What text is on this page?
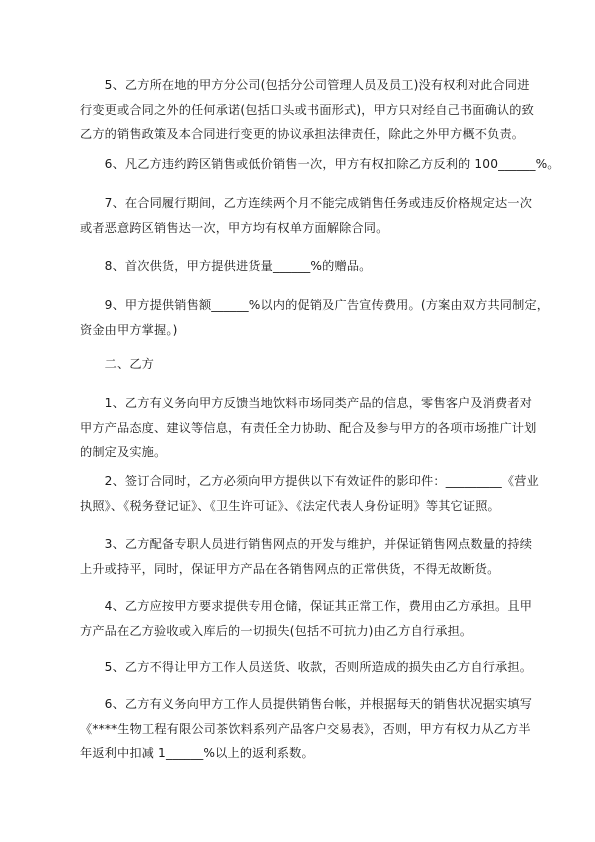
　　5、乙方所在地的甲方分公司(包括分公司管理人员及员工)没有权利对此合同进
行变更或合同之外的任何承诺(包括口头或书面形式)，甲方只对经自己书面确认的致
乙方的销售政策及本合同进行变更的协议承担法律责任，除此之外甲方概不负责。
　　6、凡乙方违约跨区销售或低价销售一次，甲方有权扣除乙方反利的 100______%。
　　7、在合同履行期间，乙方连续两个月不能完成销售任务或违反价格规定达一次
或者恶意跨区销售达一次，甲方均有权单方面解除合同。
　　8、首次供货，甲方提供进货量______%的赠品。
　　9、甲方提供销售额______%以内的促销及广告宣传费用。(方案由双方共同制定，
资金由甲方掌握。)
　　二、乙方
　　1、乙方有义务向甲方反馈当地饮料市场同类产品的信息，零售客户及消费者对
甲方产品态度、建议等信息，有责任全力协助、配合及参与甲方的各项市场推广计划
的制定及实施。
　　2、签订合同时，乙方必须向甲方提供以下有效证件的影印件：_________《营业
执照》、《税务登记证》、《卫生许可证》、《法定代表人身份证明》等其它证照。
　　3、乙方配备专职人员进行销售网点的开发与维护，并保证销售网点数量的持续
上升或持平，同时，保证甲方产品在各销售网点的正常供货，不得无故断货。
　　4、乙方应按甲方要求提供专用仓储，保证其正常工作，费用由乙方承担。且甲
方产品在乙方验收或入库后的一切损失(包括不可抗力)由乙方自行承担。
　　5、乙方不得让甲方工作人员送货、收款，否则所造成的损失由乙方自行承担。
　　6、乙方有义务向甲方工作人员提供销售台帐，并根据每天的销售状况据实填写
《****生物工程有限公司茶饮料系列产品客户交易表》，否则，甲方有权力从乙方半
年返利中扣减 1______%以上的返利系数。
